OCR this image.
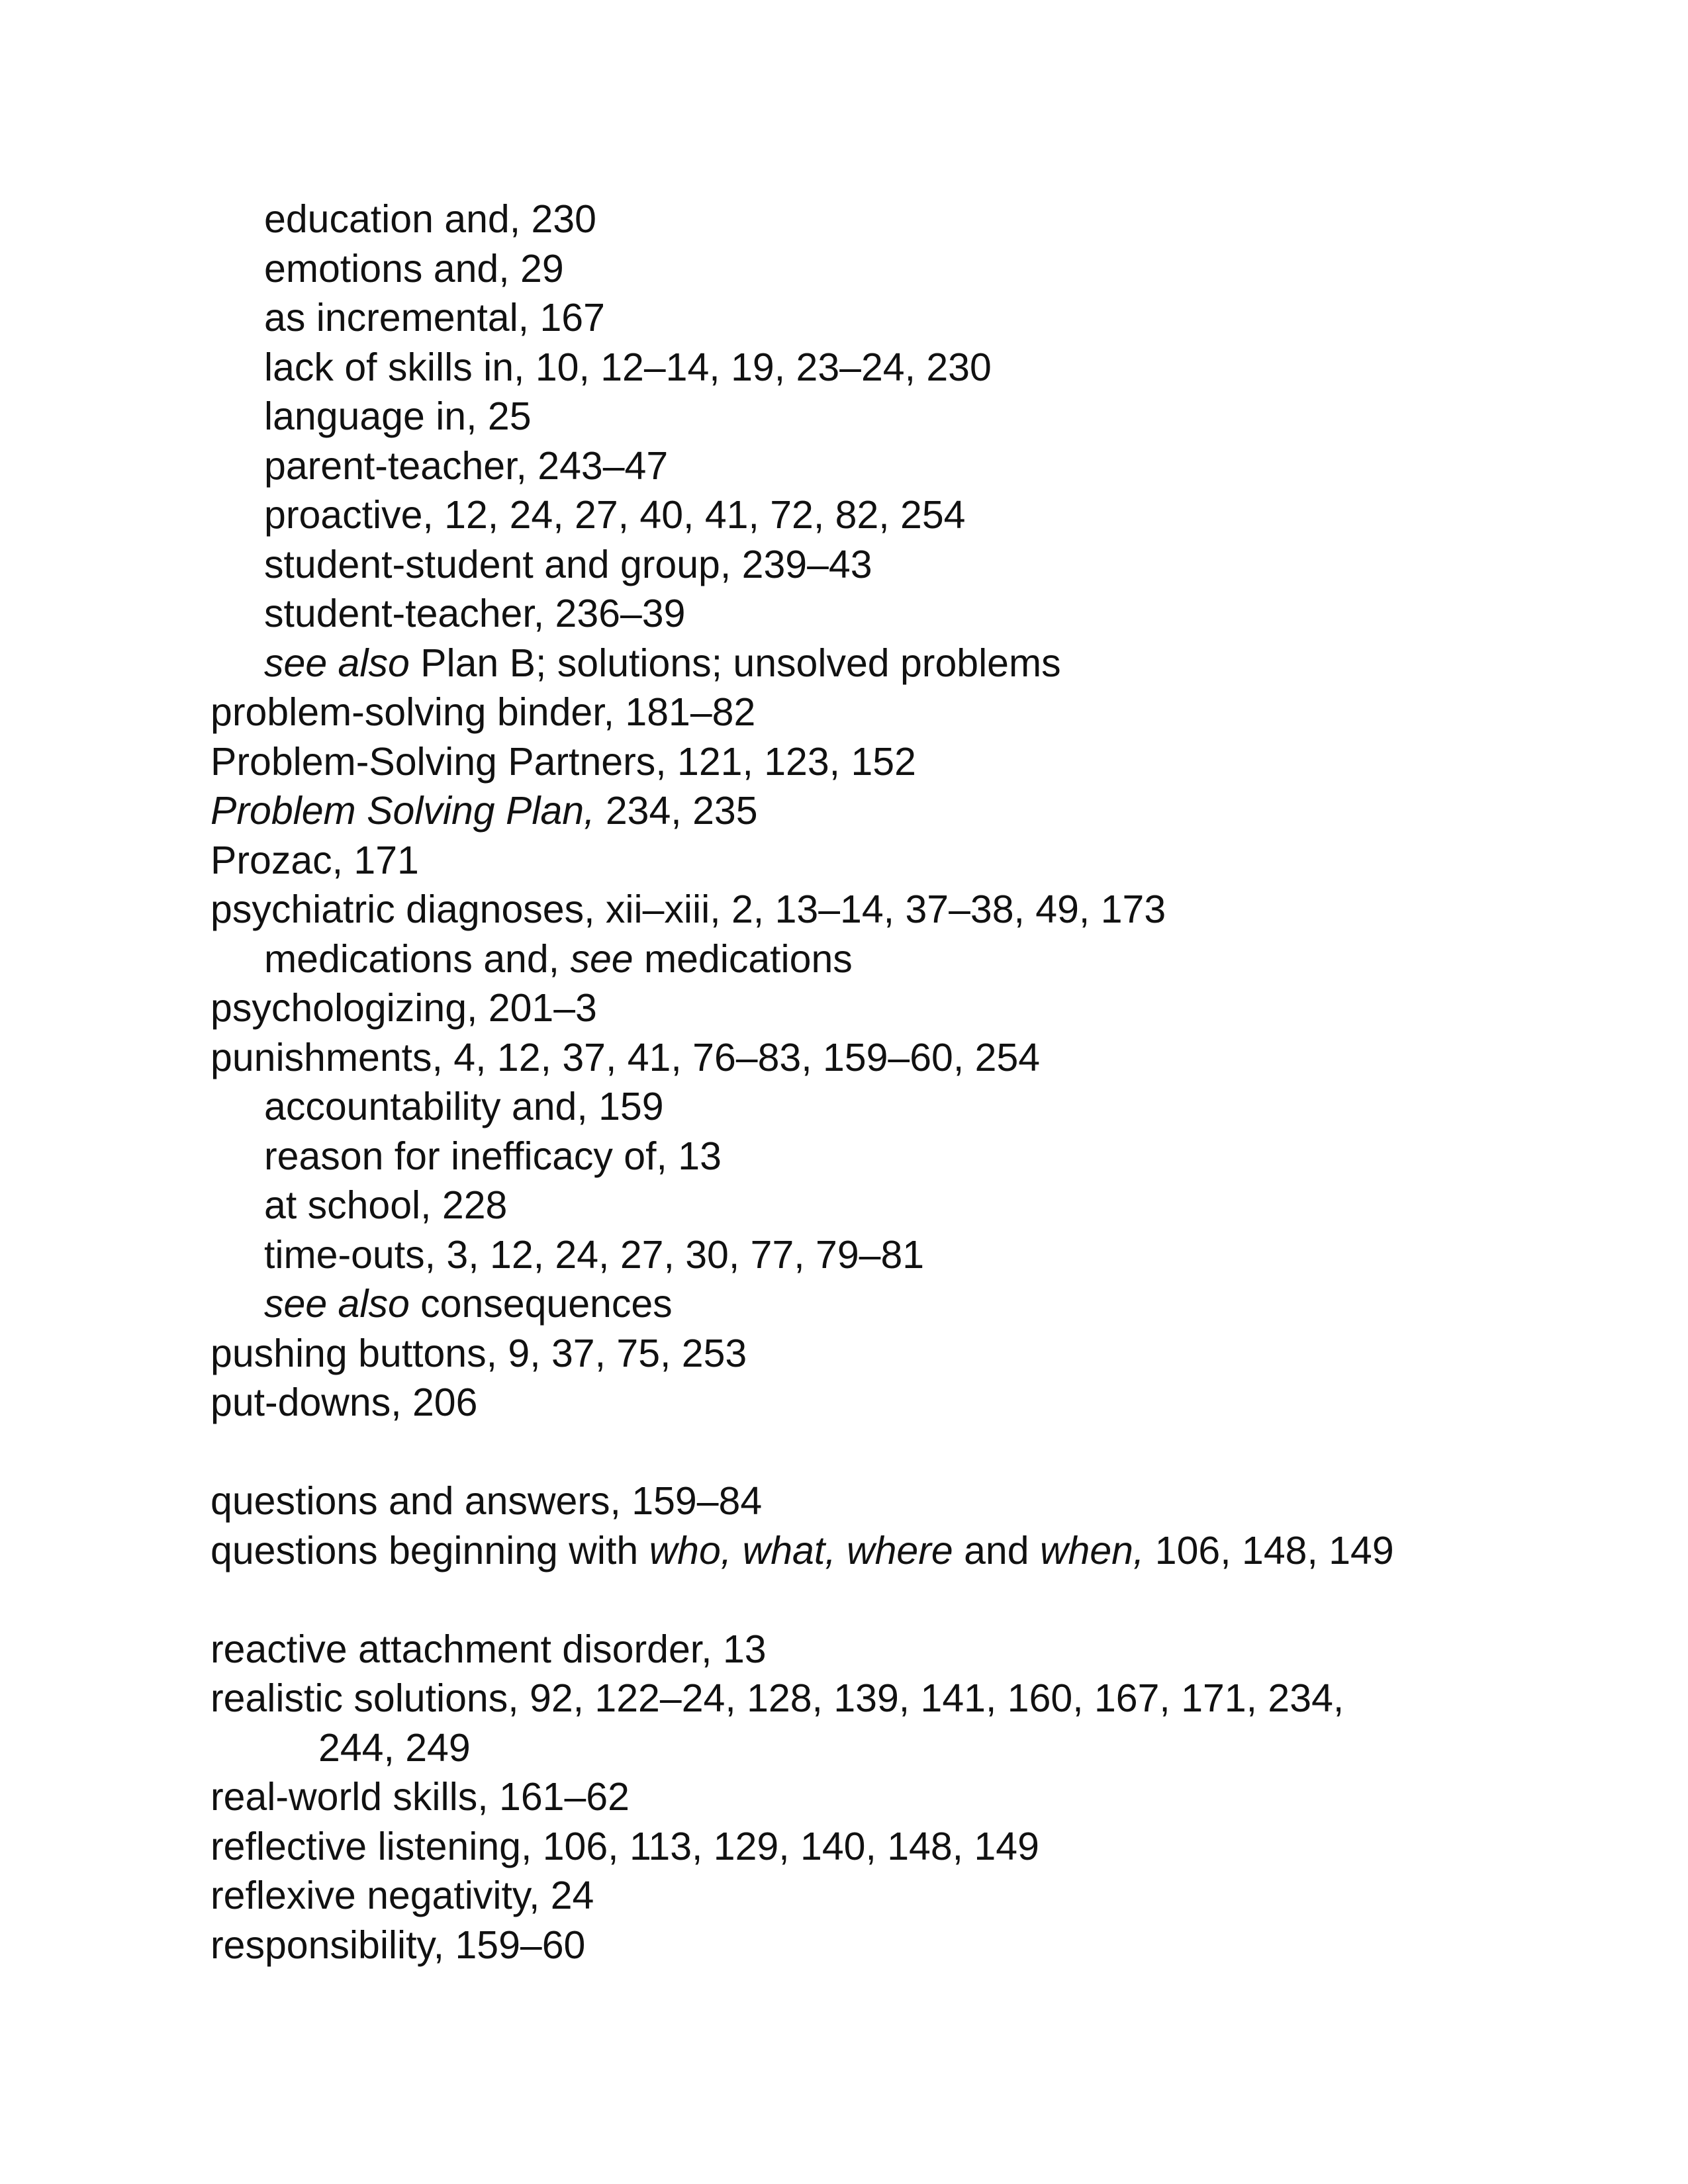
education and, 230
emotions and, 29
as incremental, 167
lack of skills in, 10, 12–14, 19, 23–24, 230
language in, 25
parent-teacher, 243–47
proactive, 12, 24, 27, 40, 41, 72, 82, 254
student-student and group, 239–43
student-teacher, 236–39
see also Plan B; solutions; unsolved problems
problem-solving binder, 181–82
Problem-Solving Partners, 121, 123, 152
Problem Solving Plan, 234, 235
Prozac, 171
psychiatric diagnoses, xii–xiii, 2, 13–14, 37–38, 49, 173
medications and, see medications
psychologizing, 201–3
punishments, 4, 12, 37, 41, 76–83, 159–60, 254
accountability and, 159
reason for inefficacy of, 13
at school, 228
time-outs, 3, 12, 24, 27, 30, 77, 79–81
see also consequences
pushing buttons, 9, 37, 75, 253
put-downs, 206
questions and answers, 159–84
questions beginning with who, what, where and when, 106, 148, 149
reactive attachment disorder, 13
realistic solutions, 92, 122–24, 128, 139, 141, 160, 167, 171, 234,
244, 249
real-world skills, 161–62
reflective listening, 106, 113, 129, 140, 148, 149
reflexive negativity, 24
responsibility, 159–60
